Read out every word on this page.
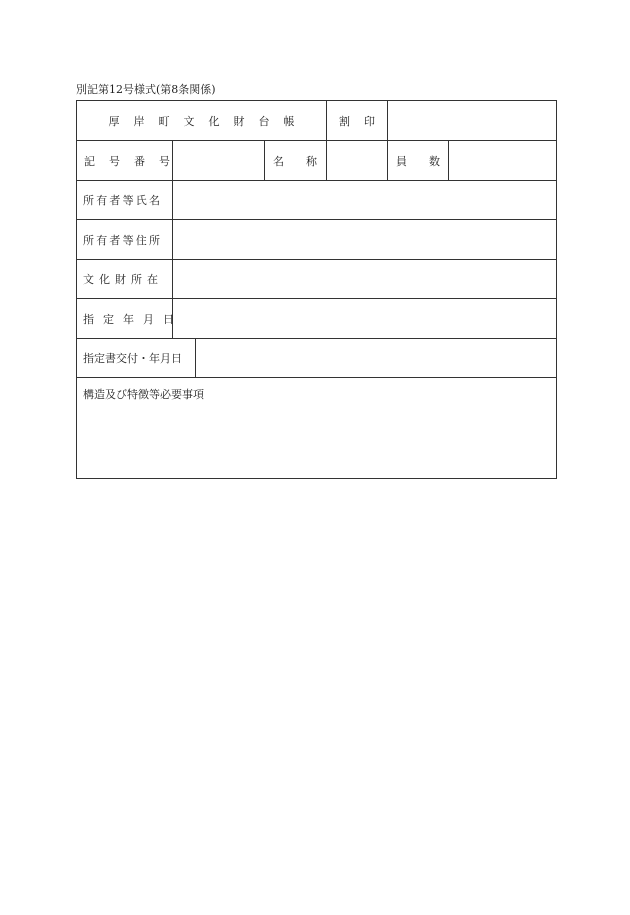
別記第12号様式(第8条関係)
厚岸町文化財台帳	割印
記号番号	名称	員数
所有者等氏名
所有者等住所
文化財所在
指定年月日
指定書交付・年月日
構造及び特徴等必要事項
